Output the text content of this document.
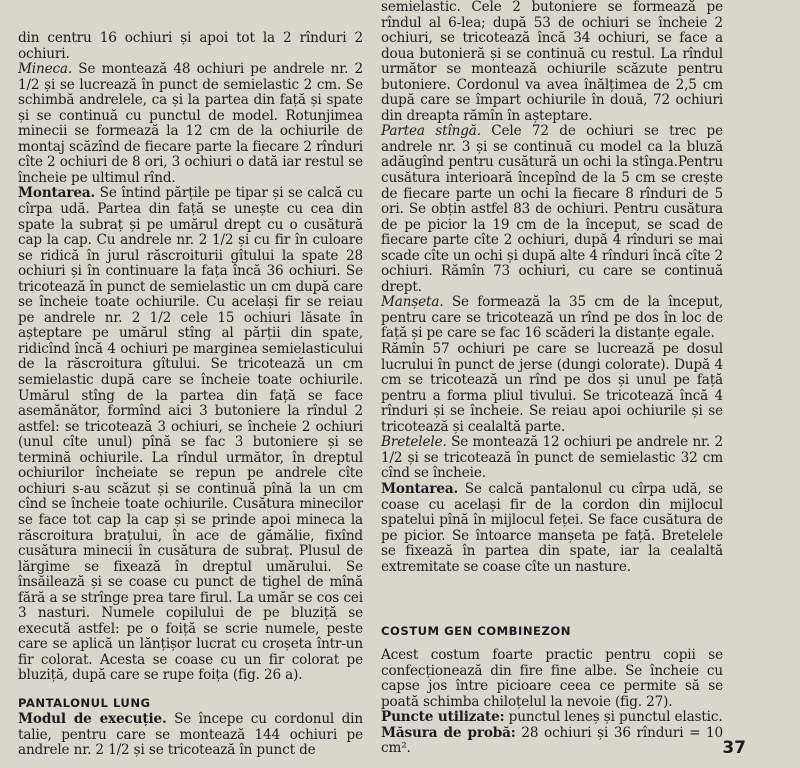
din centru 16 ochiuri și apoi tot la 2 rînduri 2 ochiuri.

Mineca. Se montează 48 ochiuri pe andrele nr. 2 1/2 și se lucrează în punct de semielastic 2 cm. Se schimbă andrelele, ca și la partea din față și spate și se continuă cu punctul de model. Rotunjimea minecii se formează la 12 cm de la ochiurile de montaj scăzînd de fiecare parte la fiecare 2 rînduri cîte 2 ochiuri de 8 ori, 3 ochiuri o dată iar restul se încheie pe ultimul rînd.

Montarea. Se întind părțile pe tipar și se calcă cu cîrpa udă. Partea din față se unește cu cea din spate la subraț și pe umărul drept cu o cusătură cap la cap. Cu andrele nr. 2 1/2 și cu fir în culoare se ridică în jurul răscroiturii gîtului la spate 28 ochiuri și în continuare la fața încă 36 ochiuri. Se tricotează în punct de semielastic un cm după care se încheie toate ochiurile. Cu același fir se reiau pe andrele nr. 2 1/2 cele 15 ochiuri lăsate în așteptare pe umărul stîng al părții din spate, ridicînd încă 4 ochiuri pe marginea semielasticului de la răscroitura gîtului. Se tricotează un cm semielastic după care se încheie toate ochiurile. Umărul stîng de la partea din față se face asemănător, formînd aici 3 butoniere la rîndul 2 astfel: se tricotează 3 ochiuri, se încheie 2 ochiuri (unul cîte unul) pînă se fac 3 butoniere și se termină ochiurile. La rîndul următor, în dreptul ochiurilor încheiate se repun pe andrele cîte ochiuri s-au scăzut și se continuă pînă la un cm cînd se încheie toate ochiurile. Cusătura minecilor se face tot cap la cap și se prinde apoi mineca la răscroitura brațului, în ace de gămălie, fixînd cusătura minecii în cusătura de subraț. Plusul de lărgime se fixează în dreptul umărului. Se însăilează și se coase cu punct de tighel de mînă fără a se strînge prea tare firul. La umăr se cos cei 3 nasturi. Numele copilului de pe bluziță se execută astfel: pe o foiță se scrie numele, peste care se aplică un lănțișor lucrat cu croșeta într-un fir colorat. Acesta se coase cu un fir colorat pe bluziță, după care se rupe foița (fig. 26 a).

PANTALONUL LUNG

Modul de execuție. Se începe cu cordonul din talie, pentru care se montează 144 ochiuri pe andrele nr. 2 1/2 și se tricotează în punct de

semielastic. Cele 2 butoniere se formează pe rîndul al 6-lea; după 53 de ochiuri se încheie 2 ochiuri, se tricotează încă 34 ochiuri, se face a doua butonieră și se continuă cu restul. La rîndul următor se montează ochiurile scăzute pentru butoniere. Cordonul va avea înălțimea de 2,5 cm după care se împart ochiurile în două, 72 ochiuri din dreapta rămîn în așteptare.

Partea stîngă. Cele 72 de ochiuri se trec pe andrele nr. 3 și se continuă cu model ca la bluză adăugînd pentru cusătură un ochi la stînga.Pentru cusătura interioară începînd de la 5 cm se crește de fiecare parte un ochi la fiecare 8 rînduri de 5 ori. Se obțin astfel 83 de ochiuri. Pentru cusătura de pe picior la 19 cm de la început, se scad de fiecare parte cîte 2 ochiuri, după 4 rînduri se mai scade cîte un ochi și după alte 4 rînduri încă cîte 2 ochiuri. Rămîn 73 ochiuri, cu care se continuă drept.

Manșeta. Se formează la 35 cm de la început, pentru care se tricotează un rînd pe dos în loc de față și pe care se fac 16 scăderi la distanțe egale.

Rămîn 57 ochiuri pe care se lucrează pe dosul lucrului în punct de jerse (dungi colorate). După 4 cm se tricotează un rînd pe dos și unul pe față pentru a forma pliul tivului. Se tricotează încă 4 rînduri și se încheie. Se reiau apoi ochiurile și se tricotează și cealaltă parte.

Bretelele. Se montează 12 ochiuri pe andrele nr. 2 1/2 și se tricotează în punct de semielastic 32 cm cînd se încheie.

Montarea. Se calcă pantalonul cu cîrpa udă, se coase cu același fir de la cordon din mijlocul spatelui pînă în mijlocul feței. Se face cusătura de pe picior. Se întoarce manșeta pe față. Bretelele se fixează în partea din spate, iar la cealaltă extremitate se coase cîte un nasture.

COSTUM GEN COMBINEZON

Acest costum foarte practic pentru copii se confecționează din fire fine albe. Se încheie cu capse jos între picioare ceea ce permite să se poată schimba chiloțelul la nevoie (fig. 27).

Puncte utilizate: punctul leneș și punctul elastic.

Măsura de probă: 28 ochiuri și 36 rînduri = 10 cm².	37
